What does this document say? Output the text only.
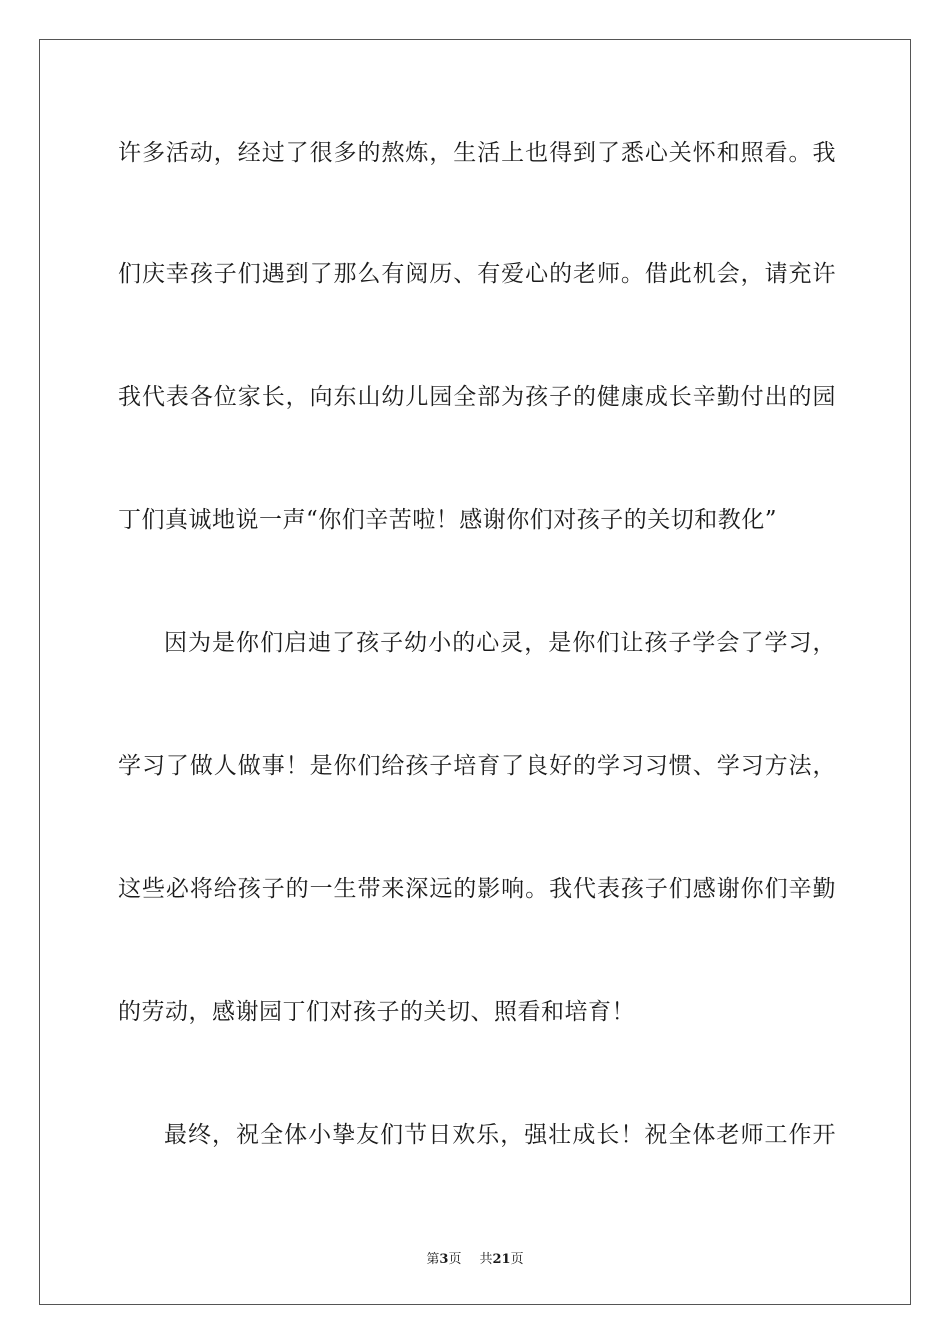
许多活动，经过了很多的熬炼，生活上也得到了悉心关怀和照看。我

们庆幸孩子们遇到了那么有阅历、有爱心的老师。借此机会，请充许

我代表各位家长，向东山幼儿园全部为孩子的健康成长辛勤付出的园

丁们真诚地说一声“你们辛苦啦！感谢你们对孩子的关切和教化”

因为是你们启迪了孩子幼小的心灵，是你们让孩子学会了学习，

学习了做人做事！是你们给孩子培育了良好的学习习惯、学习方法，

这些必将给孩子的一生带来深远的影响。我代表孩子们感谢你们辛勤

的劳动，感谢园丁们对孩子的关切、照看和培育！

最终，祝全体小挚友们节日欢乐，强壮成长！祝全体老师工作开

第3页 共21页
